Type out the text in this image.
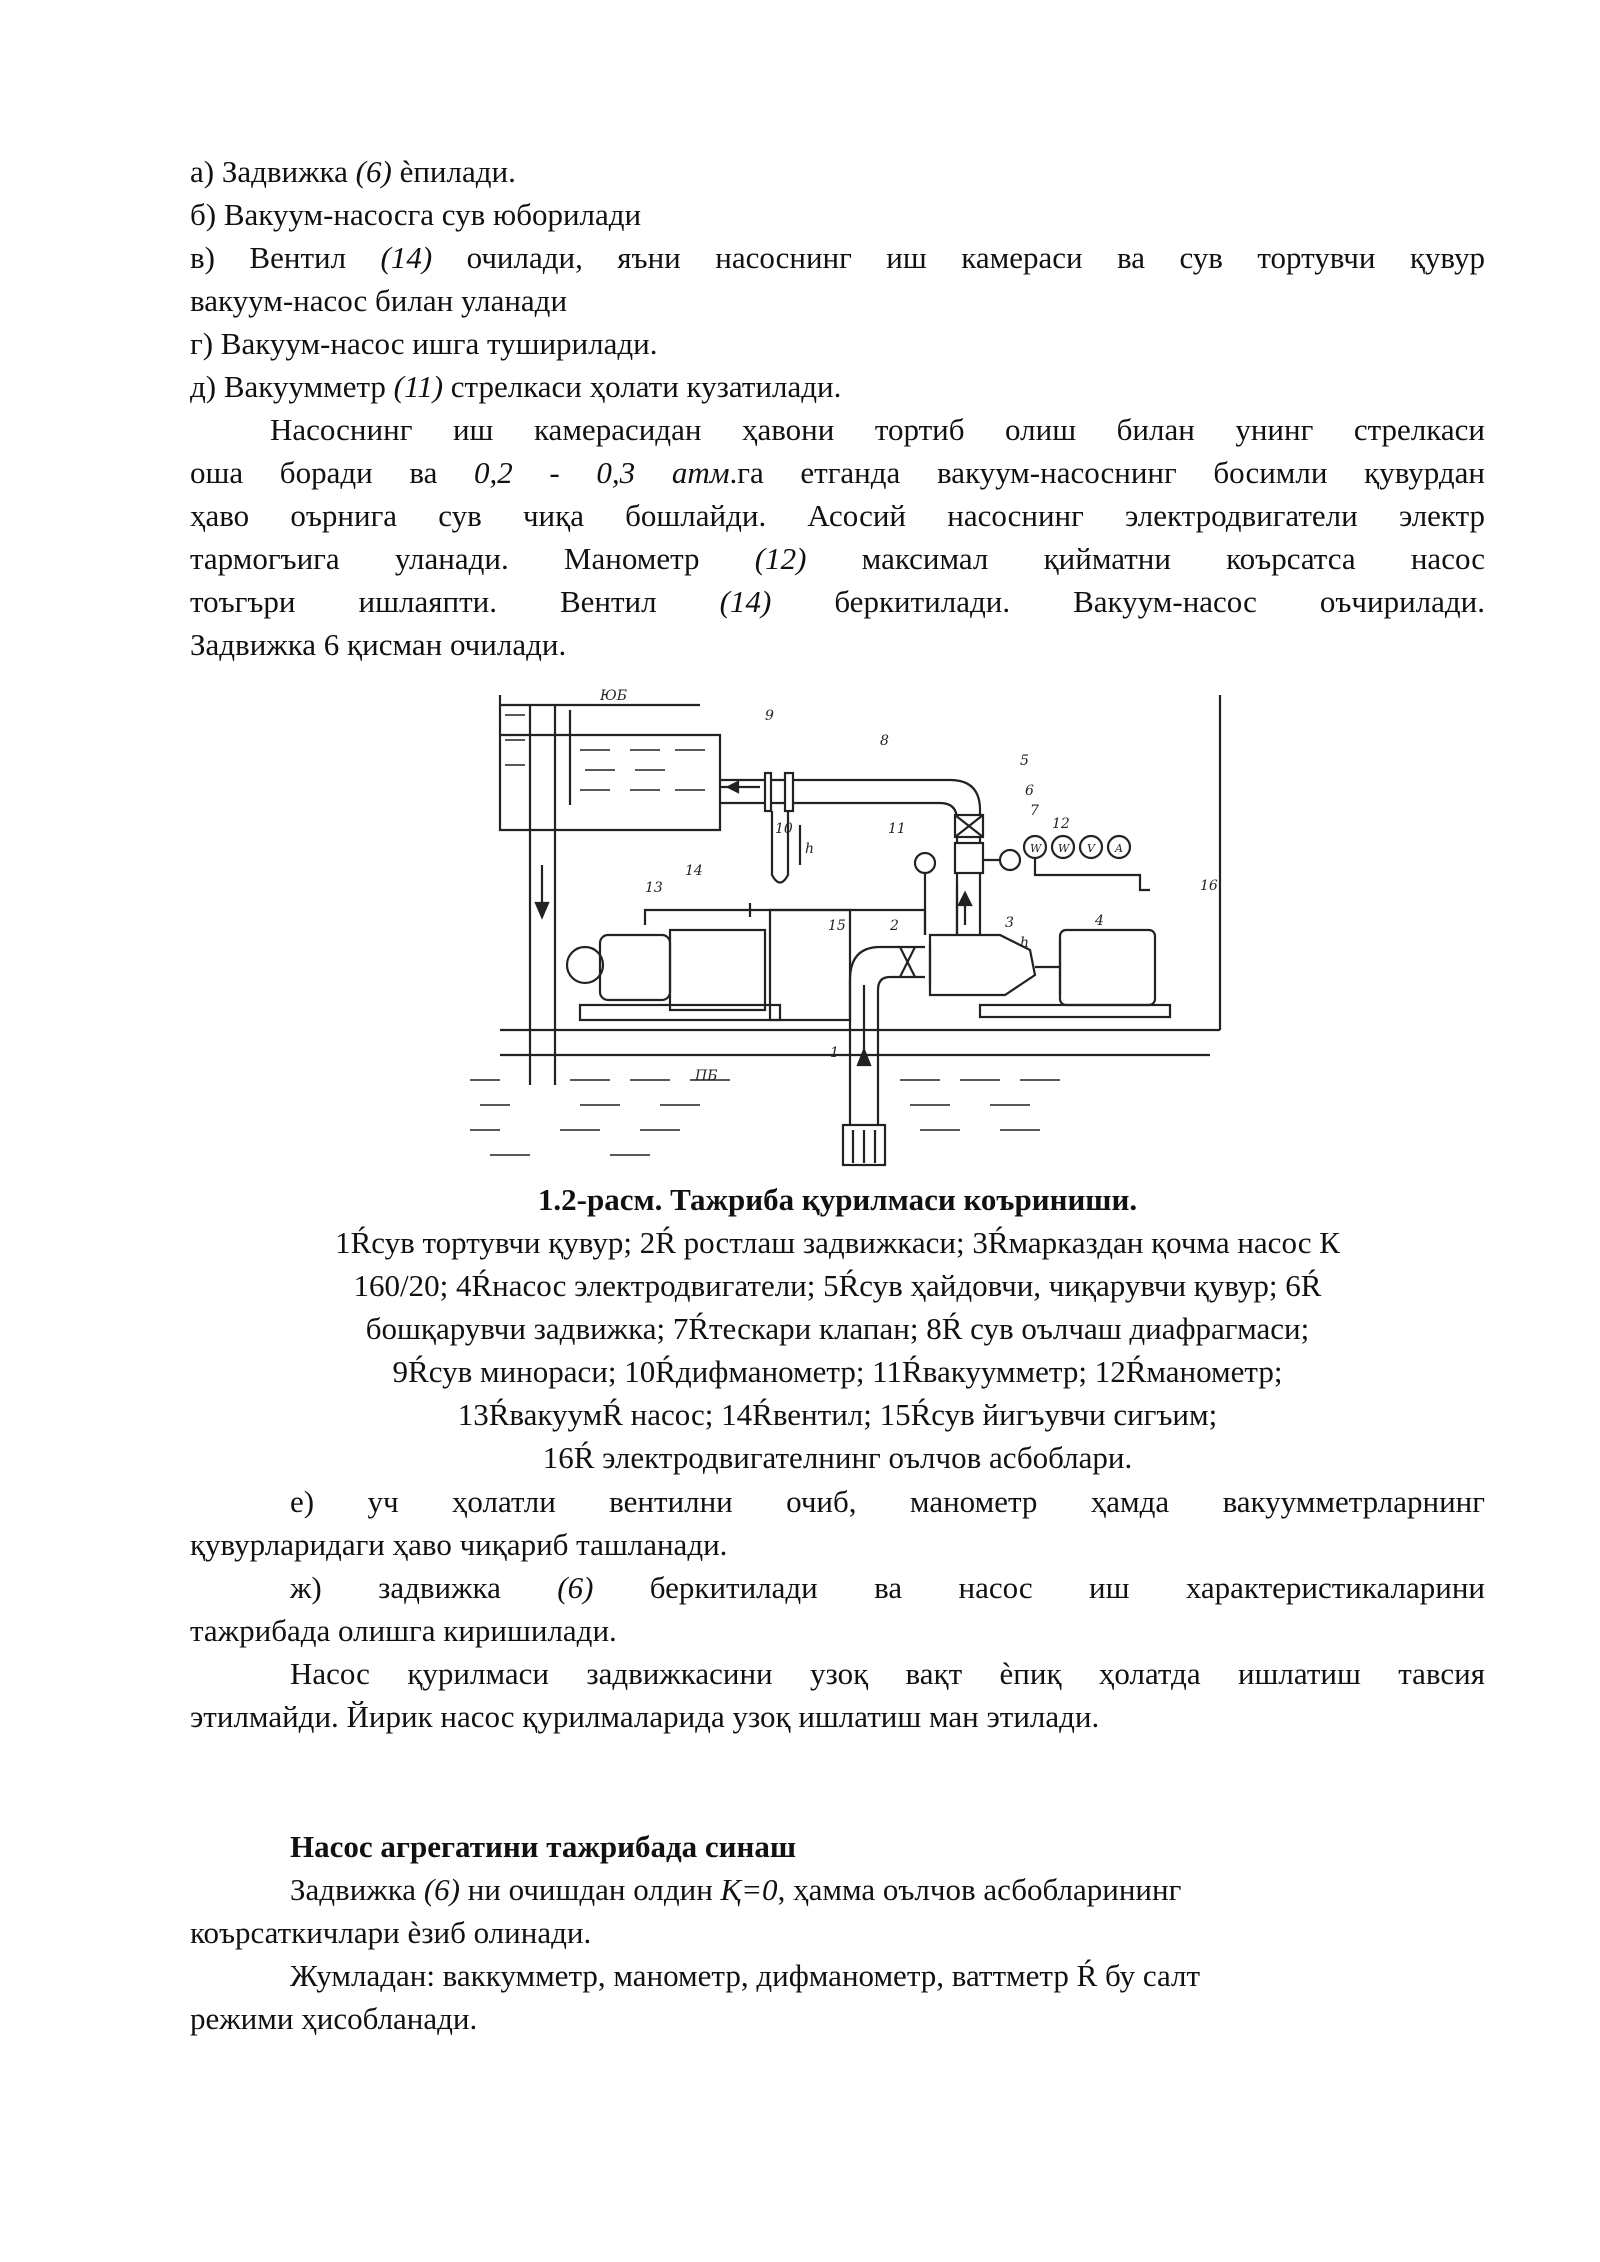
а) Задвижка (6) ѐпилади.
б) Вакуум-насосга сув юборилади
в) Вентил (14) очилади, яъни насоснинг иш камераси ва сув тортувчи қувур
вакуум-насос билан уланади
г) Вакуум-насос ишга туширилади.
д) Вакуумметр (11) стрелкаси ҳолати кузатилади.
Насоснинг иш камерасидан ҳавони тортиб олиш билан унинг стрелкаси
оша боради ва 0,2 - 0,3 атм.га етганда вакуум-насоснинг босимли қувурдан
ҳаво оърнига сув чиқа бошлайди. Асосий насоснинг электродвигатели электр
тармогъига уланади. Манометр (12) максимал қийматни коърсатса насос
тоъгъри ишлаяпти. Вентил (14) беркитилади. Вакуум-насос оъчирилади.
Задвижка 6 қисман очилади.
ЮБ
ПБ
1
2	3	4
5
6
7
8
9
10	11	12
13
14
15
16
W W V A
h
h
1.2-расм. Тажриба қурилмаси коъриниши.
1Ŕсув тортувчи қувур; 2Ŕ ростлаш задвижкаси; 3Ŕмарказдан қочма насос К
160/20; 4Ŕнасос электродвигатели; 5Ŕсув ҳайдовчи, чиқарувчи қувур; 6Ŕ
бошқарувчи задвижка; 7Ŕтескари клапан; 8Ŕ сув оълчаш диафрагмаси;
9Ŕсув минораси; 10Ŕдифманометр; 11Ŕвакуумметр; 12Ŕманометр;
13ŔвакуумŔ насос; 14Ŕвентил; 15Ŕсув йигъувчи сигъим;
16Ŕ электродвигателнинг оълчов асбоблари.
е) уч ҳолатли вентилни очиб, манометр ҳамда вакуумметрларнинг
қувурларидаги ҳаво чиқариб ташланади.
ж) задвижка (6) беркитилади ва насос иш характеристикаларини
тажрибада олишга киришилади.
Насос қурилмаси задвижкасини узоқ вақт ѐпиқ ҳолатда ишлатиш тавсия
этилмайди. Йирик насос қурилмаларида узоқ ишлатиш ман этилади.
Насос агрегатини тажрибада синаш
Задвижка (6) ни очишдан олдин Қ=0, ҳамма оълчов асбобларининг
коърсаткичлари ѐзиб олинади.
Жумладан: ваккумметр, манометр, дифманометр, ваттметр Ŕ бу салт
режими ҳисобланади.
